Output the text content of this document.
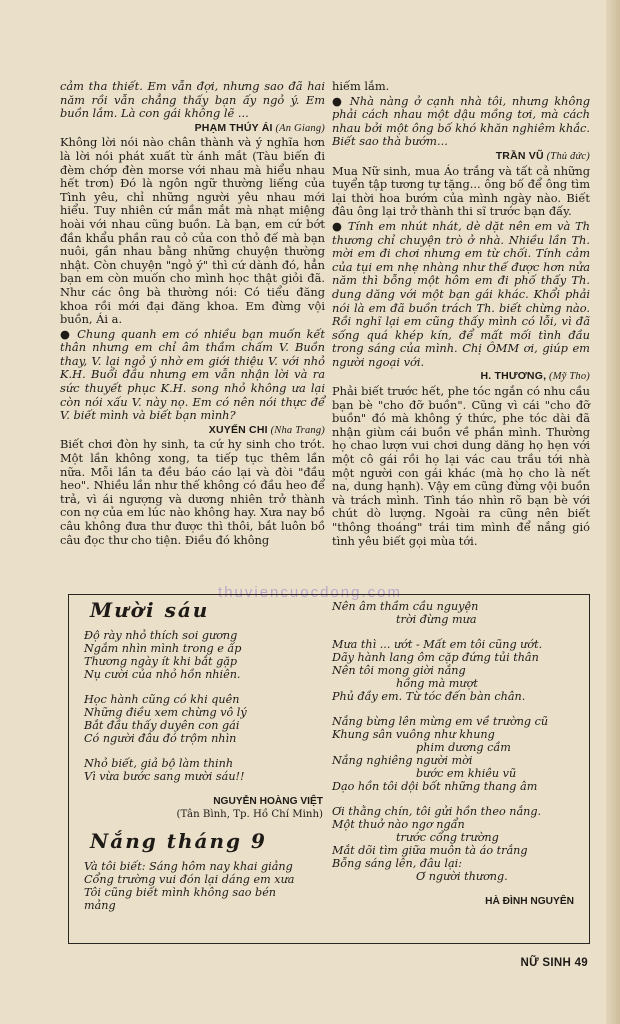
cảm tha thiết. Em vẫn đợi, nhưng sao đã hai năm rồi vẫn chẳng thấy bạn ấy ngỏ ý. Em buồn lắm. Là con gái không lẽ ...

PHẠM THÚY ÁI (An Giang)

Không lời nói nào chân thành và ý nghĩa hơn là lời nói phát xuất từ ánh mắt (Tàu biến đi đèm chớp đèn morse với nhau mà hiểu nhau hết trơn) Đó là ngôn ngữ thường liếng của Tình yêu, chỉ những người yêu nhau mới hiểu. Tuy nhiên cứ mần mắt mà nhạt miệng hoài với nhau cũng buồn. Là bạn, em cứ bớt đần khẩu phần rau cỏ của con thỏ đế mà bạn nuôi, gần nhau bằng những chuyện thường nhật. Còn chuyện "ngỏ ý" thì cứ dành đó, hẳn bạn em còn muốn cho mình học thật giỏi đã. Như các ông bà thường nói: Có tiểu đăng khoa rồi mới đại đăng khoa. Em đừng vội buồn, Ái a.

● Chung quanh em có nhiều bạn muốn kết thân nhưng em chỉ âm thầm chấm V. Buồn thay, V. lại ngỏ ý nhờ em giới thiệu V. với nhỏ K.H. Buổi đầu nhưng em vẫn nhận lời và ra sức thuyết phục K.H. song nhỏ không ưa lại còn nói xấu V. này nọ. Em có nên nói thực để V. biết mình và biết bạn mình?

XUYẾN CHI (Nha Trang)

Biết chơi đòn hy sinh, ta cứ hy sinh cho trót. Một lần không xong, ta tiếp tục thêm lần nữa. Mỗi lần ta đều báo cáo lại và đòi "đầu heo". Nhiều lần như thế không có đầu heo để trả, vì ái ngượng và dương nhiên trở thành con nợ của em lúc nào không hay. Xưa nay bồ câu không đưa thư được thì thôi, bắt luôn bồ câu đọc thư cho tiện. Điều đó không

hiếm lắm.

● Nhà nàng ở cạnh nhà tôi, nhưng không phải cách nhau một dậu mồng tơi, mà cách nhau bởi một ông bố khó khăn nghiêm khắc. Biết sao thà bướm...

TRẦN VŨ (Thủ đức)

Mua Nữ sinh, mua Áo trắng và tất cả những tuyển tập tương tự tặng... ông bố để ông tìm lại thời hoa bướm của mình ngày nào. Biết đâu ông lại trở thành thi sĩ trước bạn đấy.

● Tính em nhút nhát, dè dặt nên em và Th thương chỉ chuyện trò ở nhà. Nhiều lần Th. mời em đi chơi nhưng em từ chối. Tính cảm của tụi em nhẹ nhàng như thế được hơn nửa năm thì bỗng một hôm em đi phố thấy Th. dung dăng với một bạn gái khác. Khổi phải nói là em đã buồn trách Th. biết chừng nào. Rồi nghĩ lại em cũng thấy mình có lỗi, vì đã sống quá khép kín, để mất mối tình đầu trong sáng của mình. Chị ÔMM ơi, giúp em người ngoại với.

H. THƯƠNG, (Mỹ Tho)

Phải biết trước hết, phe tóc ngắn có nhu cầu bạn bè "cho đỡ buồn". Cũng vì cái "cho đỡ buồn" đó mà không ý thức, phe tóc dài đã nhận giùm cái buồn về phần mình. Thường họ chao lượn vui chơi dung dăng họ hẹn với một cô gái rồi họ lại vác cau trầu tới nhà một người con gái khác (mà họ cho là nết na, dung hạnh). Vậy em cũng đừng vội buồn và trách mình. Tình táo nhìn rõ bạn bè với chút dò lượng. Ngoài ra cũng nên biết "thông thoáng" trái tim mình để nắng gió tình yêu biết gọi mùa tới.

thuviencuocdong.com
Mười sáu
Độ rày nhỏ thích soi gương
Ngắm nhìn mình trong e ấp
Thương ngày ít khi bắt gặp
Nụ cười của nhỏ hồn nhiên.
Học hành cũng có khi quên
Những điều xem chừng vô lý
Bắt đầu thấy duyên con gái
Có người đâu đó trộm nhìn
Nhỏ biết, giả bộ làm thinh
Vì vừa bước sang mười sáu!!
NGUYỄN HOÀNG VIỆT
(Tân Bình, Tp. Hồ Chí Minh)
Nắng tháng 9
Và tôi biết: Sáng hôm nay khai giảng
Cổng trường vui đón lại dáng em xưa
Tôi cũng biết mình không sao bén
mảng
Nên âm thầm cầu nguyện
trời đừng mưa
Mưa thì ... ướt - Mất em tôi cũng ướt.
Dãy hành lang ôm cặp đứng tủi thân
Nên tôi mong giời nắng
hồng mà mượt
Phủ đầy em. Từ tóc đến bàn chân.
Nắng bừng lên mừng em về trường cũ
Khung sân vuông như khung
phim dương cầm
Nắng nghiêng người mời
bước em khiêu vũ
Dạo hồn tôi dội bốt những thang âm
Ơi thằng chín, tôi gửi hồn theo nắng.
Một thuở nào ngơ ngẩn
trước cổng trường
Mắt dõi tìm giữa muôn tà áo trắng
Bỗng sáng lên, đâu lại:
Ơ người thương.
HÀ ĐÌNH NGUYÊN
NỮ SINH 49
